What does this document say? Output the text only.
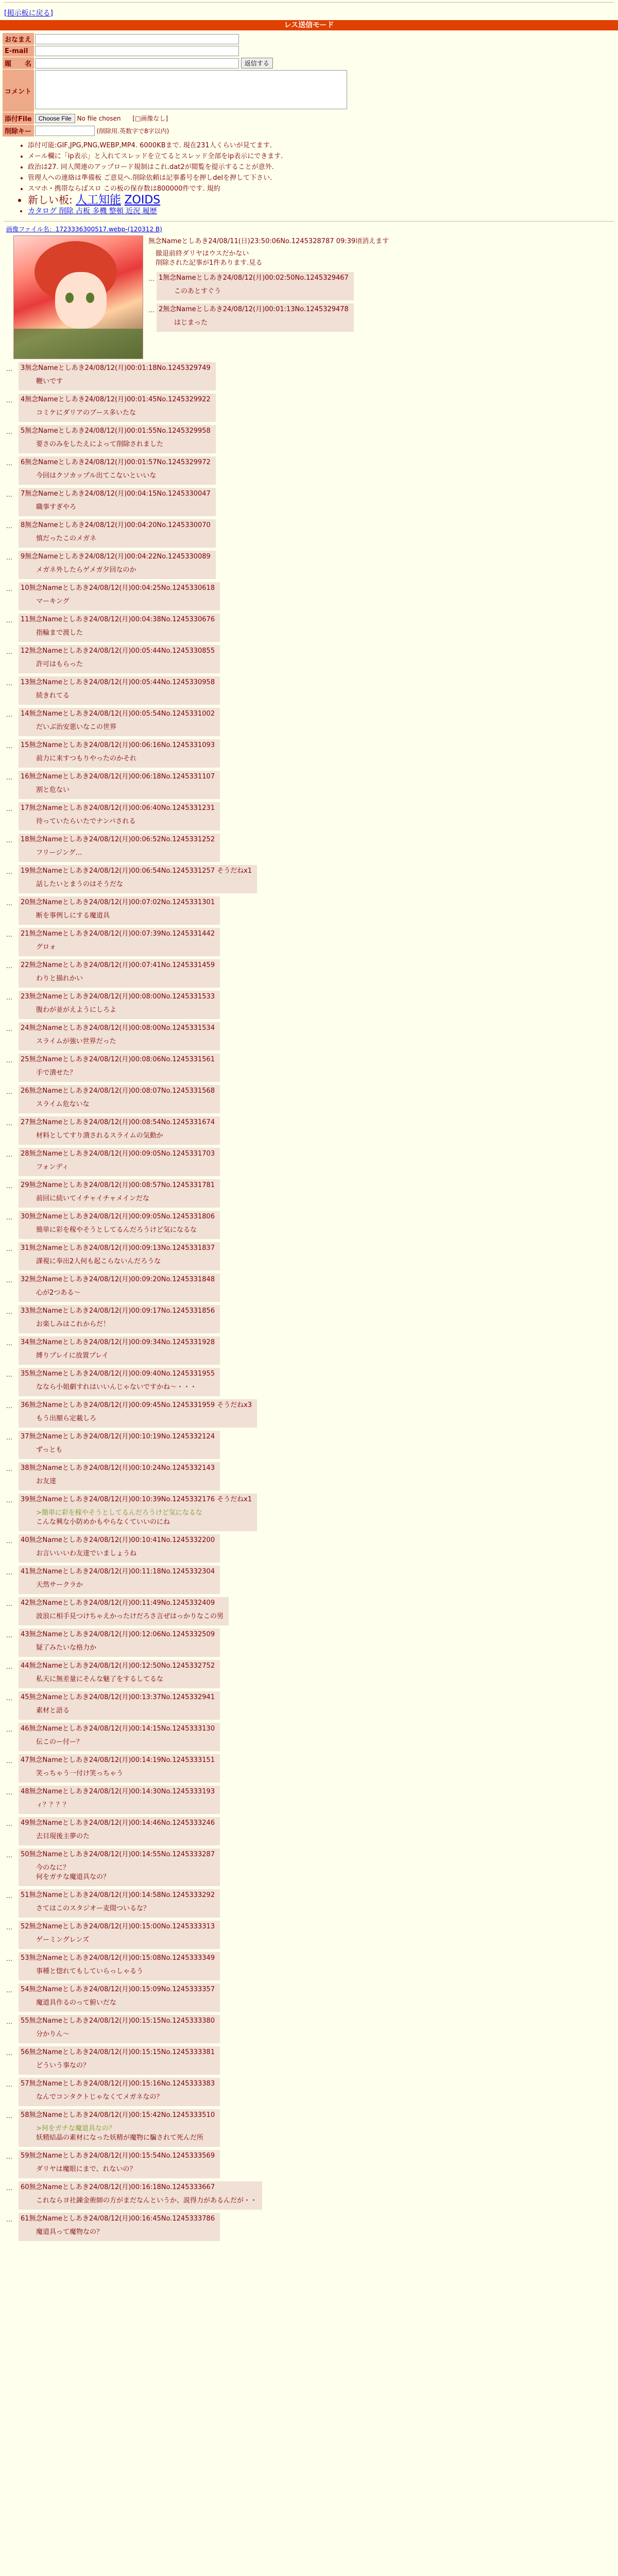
[掲示板に戻る]
レス送信モード
おなまえ	
E-mail	
題　　名	返信する
コメント	
添付File	Choose File No file chosen [□画像なし]
削除キー	(削除用.英数字で8字以内)
• 添付可能:GIF,JPG,PNG,WEBP,MP4. 6000KBまで. 現在231人くらいが見てます.
• メール欄に「ip表示」と入れてスレッドを立てるとスレッド全部をip表示にできます.
• 政治は27. 同人関連のアップロード規制はこれ.dat2が閲覧を提示することが意外.
• 管理人への連絡は準備板 ご意見へ.削除依頼は記事番号を押しdelを押して下さい.
• スマホ・携帯ならばスロ この板の保存数は800000件です. 規約
• 新しい板: 人工知能 ZOIDS
• カタログ 削除 占板 多機 整頓 近況 履歴
画像ファイル名：1723336300517.webp-(120312 B)
無念Nameとしあき24/08/11(日)23:50:06No.1245328787 09:39頃消えます
撤退前終ダリヤはウスだかない
削除された記事が1件あります.見る
… 1無念Nameとしあき24/08/12(月)00:02:50No.1245329467
このあとすぐう
… 2無念Nameとしあき24/08/12(月)00:01:13No.1245329478
はじまった
…	3無念Nameとしあき24/08/12(月)00:01:18No.1245329749
鞭いです
…	4無念Nameとしあき24/08/12(月)00:01:45No.1245329922
コミケにダリアのブース多いたな
…	5無念Nameとしあき24/08/12(月)00:01:55No.1245329958
要さのみをしたえによって削除されました
…	6無念Nameとしあき24/08/12(月)00:01:57No.1245329972
今回はクソカップル出てこないといいな
…	7無念Nameとしあき24/08/12(月)00:04:15No.1245330047
職事すぎやろ
…	8無念Nameとしあき24/08/12(月)00:04:20No.1245330070
慎だったこのメガネ
…	9無念Nameとしあき24/08/12(月)00:04:22No.1245330089
メガネ外したらゲメガ夕回なのか
…	10無念Nameとしあき24/08/12(月)00:04:25No.1245330618
マーキング
…	11無念Nameとしあき24/08/12(月)00:04:38No.1245330676
指輪まで渡した
…	12無念Nameとしあき24/08/12(月)00:05:44No.1245330855
許可はもらった
…	13無念Nameとしあき24/08/12(月)00:05:44No.1245330958
続きれてる
…	14無念Nameとしあき24/08/12(月)00:05:54No.1245331002
だいぶ治安悪いなこの世界
…	15無念Nameとしあき24/08/12(月)00:06:16No.1245331093
前力に来すつもりやったのかそれ
…	16無念Nameとしあき24/08/12(月)00:06:18No.1245331107
割と危ない
…	17無念Nameとしあき24/08/12(月)00:06:40No.1245331231
待っていたらいたでナンパされる
…	18無念Nameとしあき24/08/12(月)00:06:52No.1245331252
フリージング…
…	19無念Nameとしあき24/08/12(月)00:06:54No.1245331257 そうだねx1
話したいとまうのはそうだな
…	20無念Nameとしあき24/08/12(月)00:07:02No.1245331301
断を事例しにする魔道具
…	21無念Nameとしあき24/08/12(月)00:07:39No.1245331442
グロォ
…	22無念Nameとしあき24/08/12(月)00:07:41No.1245331459
わりと描れかい
…	23無念Nameとしあき24/08/12(月)00:08:00No.1245331533
腹わが並がえようにしろよ
…	24無念Nameとしあき24/08/12(月)00:08:00No.1245331534
スライムが強い世界だった
…	25無念Nameとしあき24/08/12(月)00:08:06No.1245331561
手で潰せた？
…	26無念Nameとしあき24/08/12(月)00:08:07No.1245331568
スライム危ないな
…	27無念Nameとしあき24/08/12(月)00:08:54No.1245331674
材料としてすり潰されるスライムの気動か
…	28無念Nameとしあき24/08/12(月)00:09:05No.1245331703
フォンディ
…	29無念Nameとしあき24/08/12(月)00:08:57No.1245331781
前回に続いてイチャイチャメインだな
…	30無念Nameとしあき24/08/12(月)00:09:05No.1245331806
簡単に彩を稼やそうとしてるんだろうけど気になるな
…	31無念Nameとしあき24/08/12(月)00:09:13No.1245331837
課視に奉出2人何も起こらないんだろうな
…	32無念Nameとしあき24/08/12(月)00:09:20No.1245331848
心が2つある～
…	33無念Nameとしあき24/08/12(月)00:09:17No.1245331856
お楽しみはこれからだ！
…	34無念Nameとしあき24/08/12(月)00:09:34No.1245331928
縛りプレイに放置プレイ
…	35無念Nameとしあき24/08/12(月)00:09:40No.1245331955
ななら小姐劇すれはいいんじゃないですかね～・・・
…	36無念Nameとしあき24/08/12(月)00:09:45No.1245331959 そうだねx3
もう出額ら定載しろ
…	37無念Nameとしあき24/08/12(月)00:10:19No.1245332124
ずっとも
…	38無念Nameとしあき24/08/12(月)00:10:24No.1245332143
お友達
…	39無念Nameとしあき24/08/12(月)00:10:39No.1245332176 そうだねx1
>簡単に彩を稼やそうとしてるんだろうけど気になるな
こんな興な小防めかもやらなくていいのにね
…	40無念Nameとしあき24/08/12(月)00:10:41No.1245332200
お言いいいわ友達でいましょうね
…	41無念Nameとしあき24/08/12(月)00:11:18No.1245332304
天然サークラか
…	42無念Nameとしあき24/08/12(月)00:11:49No.1245332409
波浪に相手見つけちゃえかったけだろさ言ぜはっかりなこの男
…	43無念Nameとしあき24/08/12(月)00:12:06No.1245332509
疑了みたいな格力か
…	44無念Nameとしあき24/08/12(月)00:12:50No.1245332752
私天に無差量にそんな魅了をするしてるな
…	45無念Nameとしあき24/08/12(月)00:13:37No.1245332941
素材と語る
…	46無念Nameとしあき24/08/12(月)00:14:15No.1245333130
伝このー付ー？
…	47無念Nameとしあき24/08/12(月)00:14:19No.1245333151
笑っちゃう一付け笑っちゃう
…	48無念Nameとしあき24/08/12(月)00:14:30No.1245333193
ィ？？？？
…	49無念Nameとしあき24/08/12(月)00:14:46No.1245333246
去目現後主夢のた
…	50無念Nameとしあき24/08/12(月)00:14:55No.1245333287
今のなに？
何をガチな魔道具なの？
…	51無念Nameとしあき24/08/12(月)00:14:58No.1245333292
さてはこのスタジオー麦間ついるな？
…	52無念Nameとしあき24/08/12(月)00:15:00No.1245333313
ゲーミングレンズ
…	53無念Nameとしあき24/08/12(月)00:15:08No.1245333349
事種と惚れてもしていらっしゃるう
…	54無念Nameとしあき24/08/12(月)00:15:09No.1245333357
魔道具作るのって俯いだな
…	55無念Nameとしあき24/08/12(月)00:15:15No.1245333380
分かりん～
…	56無念Nameとしあき24/08/12(月)00:15:15No.1245333381
どういう事なの？
…	57無念Nameとしあき24/08/12(月)00:15:16No.1245333383
なんでコンタクトじゃなくてメガネなの？
…	58無念Nameとしあき24/08/12(月)00:15:42No.1245333510
>何をガチな魔道具なの？
妖精結晶の素材になった妖精が魔物に騙されて死んだ所
…	59無念Nameとしあき24/08/12(月)00:15:54No.1245333569
ダリヤは魔眼にまで、れないの？
…	60無念Nameとしあき24/08/12(月)00:16:18No.1245333667
これならヨ社錬金術師の方がまだなんというか、説得力があるんだが・・
…	61無念Nameとしあき24/08/12(月)00:16:45No.1245333786
魔道具って魔物なの？
